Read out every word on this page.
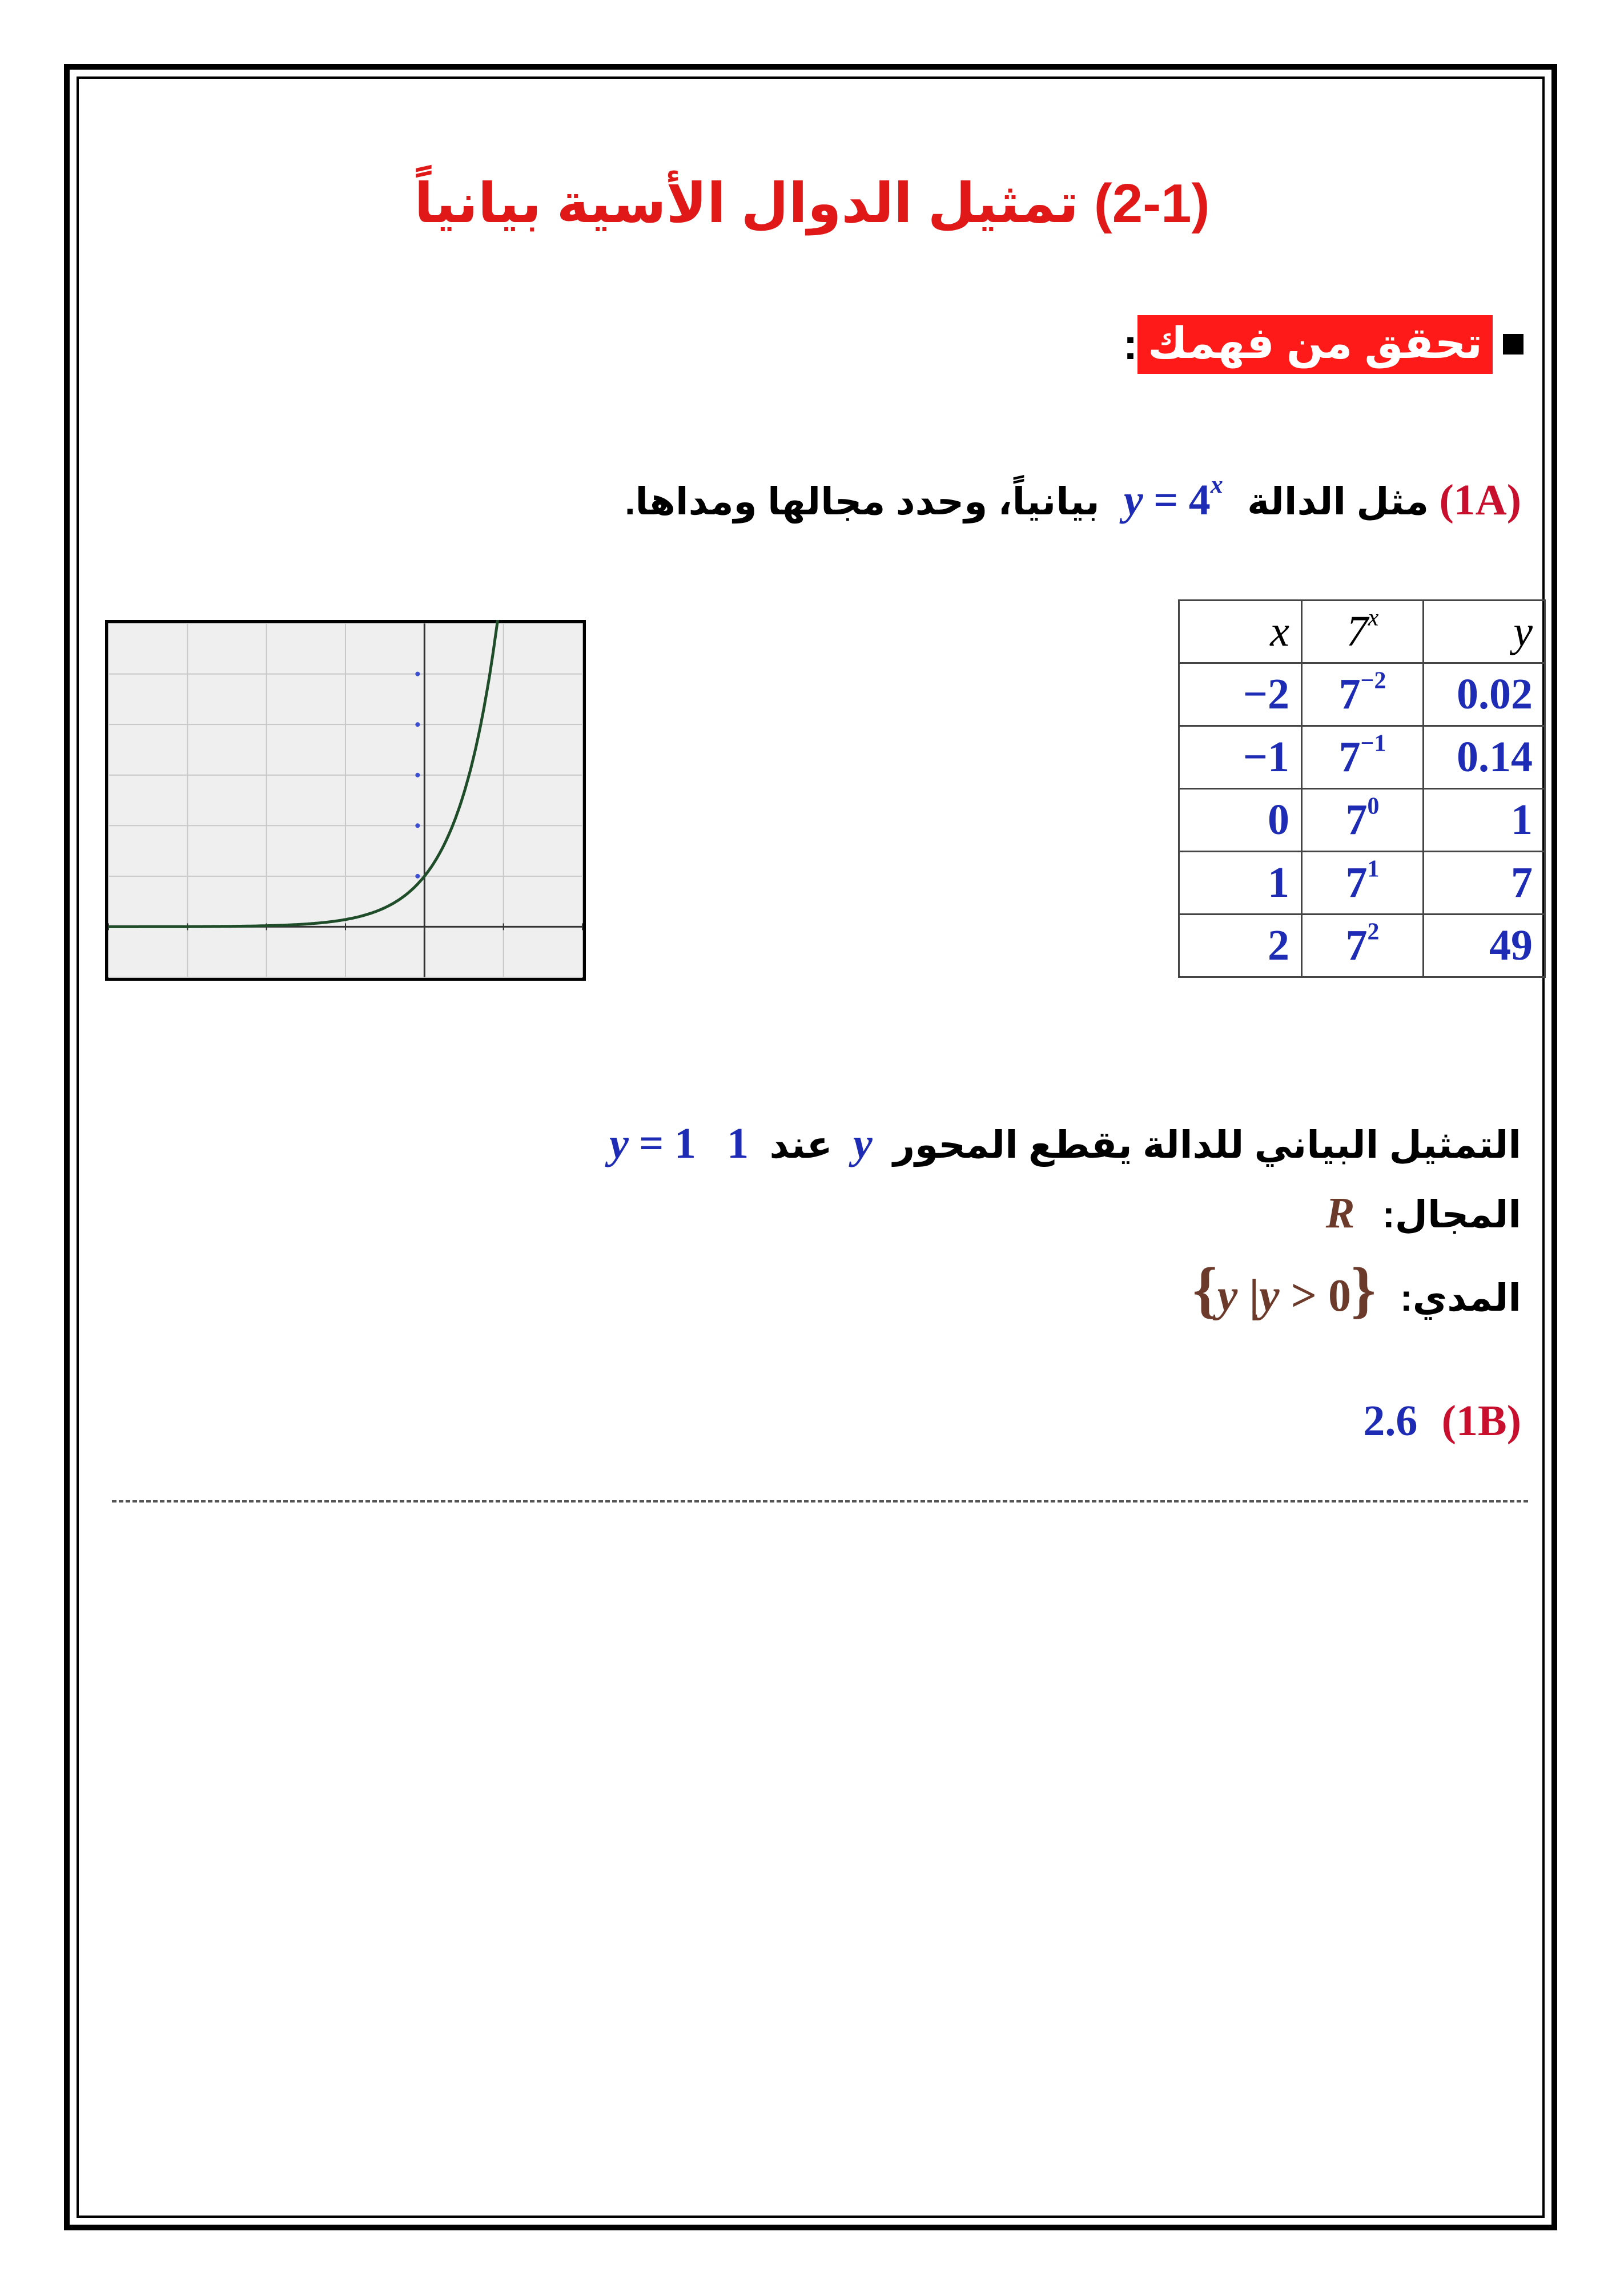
(2-1) تمثيل الدوال الأسية بيانياً
تحقق من فهمك
:
(1A) مثل الدالة $y = 4^x$ بيانياً، وحدد مجالها ومداها.
x	7$^x$	y
−2	$7^{-2}$	0.02
−1	$7^{-1}$	0.14
0	$7^0$	1
1	$7^1$	7
2	$7^2$	49
التمثيل البياني للدالة يقطع المحور y عند 1 y = 1
المجال: R
المدي: {y |y > 0}
2.6 (1B)
